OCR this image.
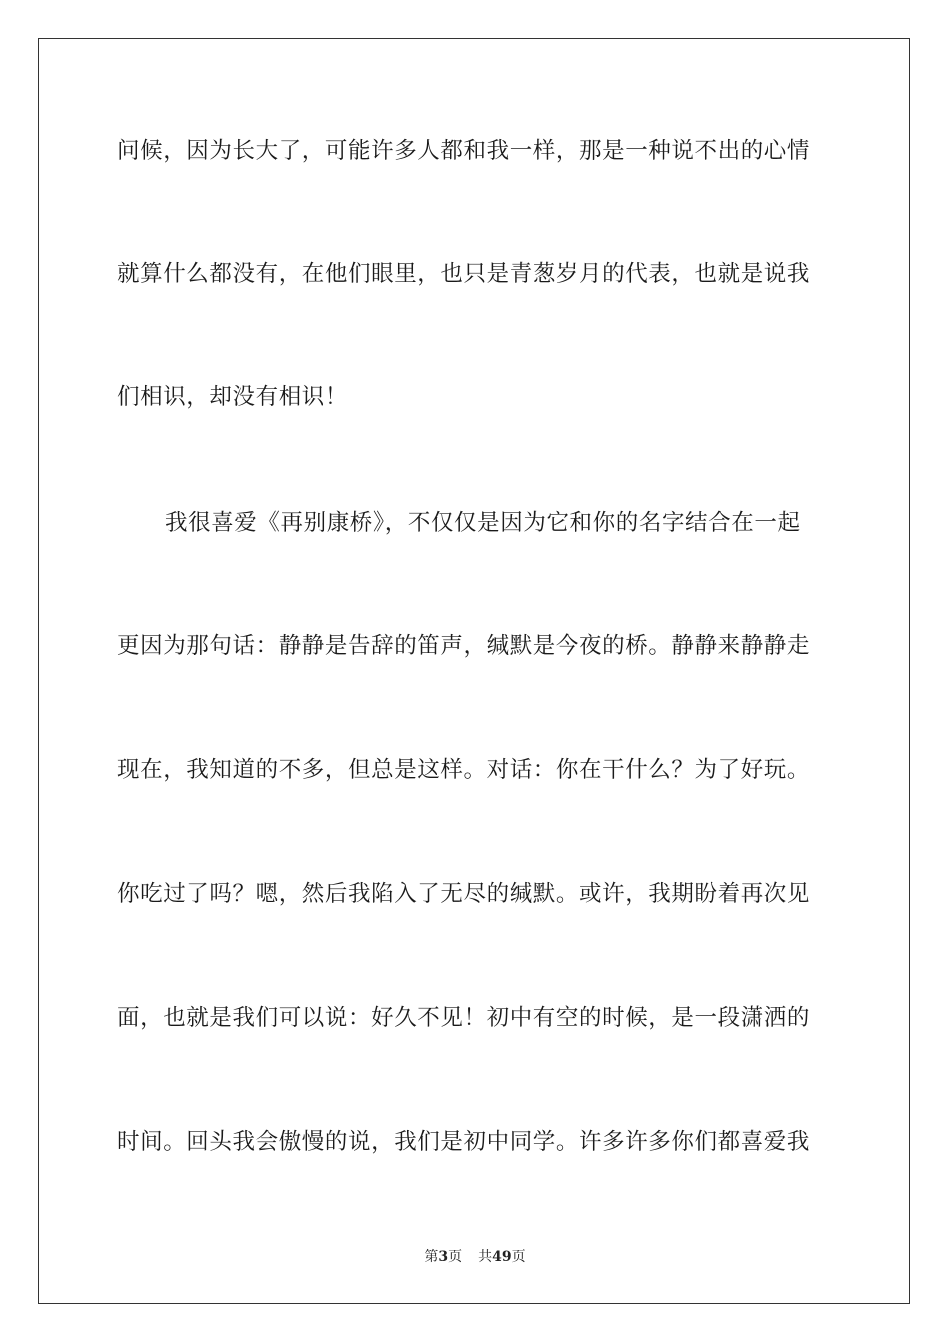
问候，因为长大了，可能许多人都和我一样，那是一种说不出的心情
就算什么都没有，在他们眼里，也只是青葱岁月的代表，也就是说我
们相识，却没有相识！
我很喜爱《再别康桥》，不仅仅是因为它和你的名字结合在一起
更因为那句话：静静是告辞的笛声，缄默是今夜的桥。静静来静静走
现在，我知道的不多，但总是这样。对话：你在干什么？为了好玩。
你吃过了吗？嗯，然后我陷入了无尽的缄默。或许，我期盼着再次见
面，也就是我们可以说：好久不见！初中有空的时候，是一段潇洒的
时间。回头我会傲慢的说，我们是初中同学。许多许多你们都喜爱我
第3页 共49页
